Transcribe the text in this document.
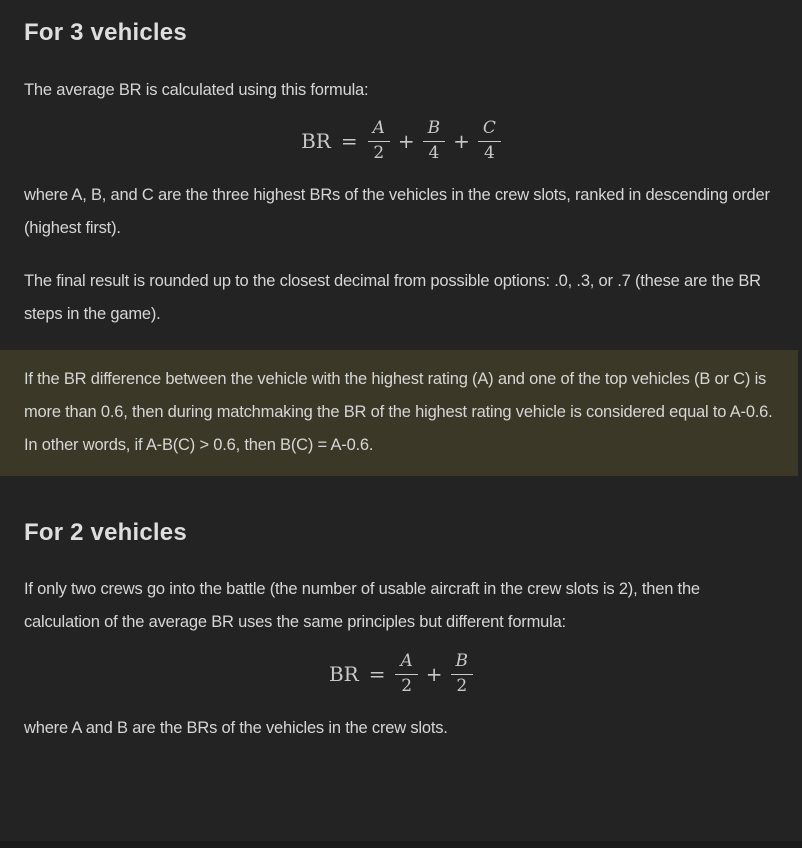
For 3 vehicles

The average BR is calculated using this formula:

BR = $\frac{A}{2} + \frac{B}{4} + \frac{C}{4}$

where A, B, and C are the three highest BRs of the vehicles in the crew slots, ranked in descending order (highest first).

The final result is rounded up to the closest decimal from possible options: .0, .3, or .7 (these are the BR steps in the game).

If the BR difference between the vehicle with the highest rating (A) and one of the top vehicles (B or C) is more than 0.6, then during matchmaking the BR of the highest rating vehicle is considered equal to A-0.6. In other words, if A-B(C) > 0.6, then B(C) = A-0.6.

For 2 vehicles

If only two crews go into the battle (the number of usable aircraft in the crew slots is 2), then the calculation of the average BR uses the same principles but different formula:

BR = $\frac{A}{2} + \frac{B}{2}$

where A and B are the BRs of the vehicles in the crew slots.
